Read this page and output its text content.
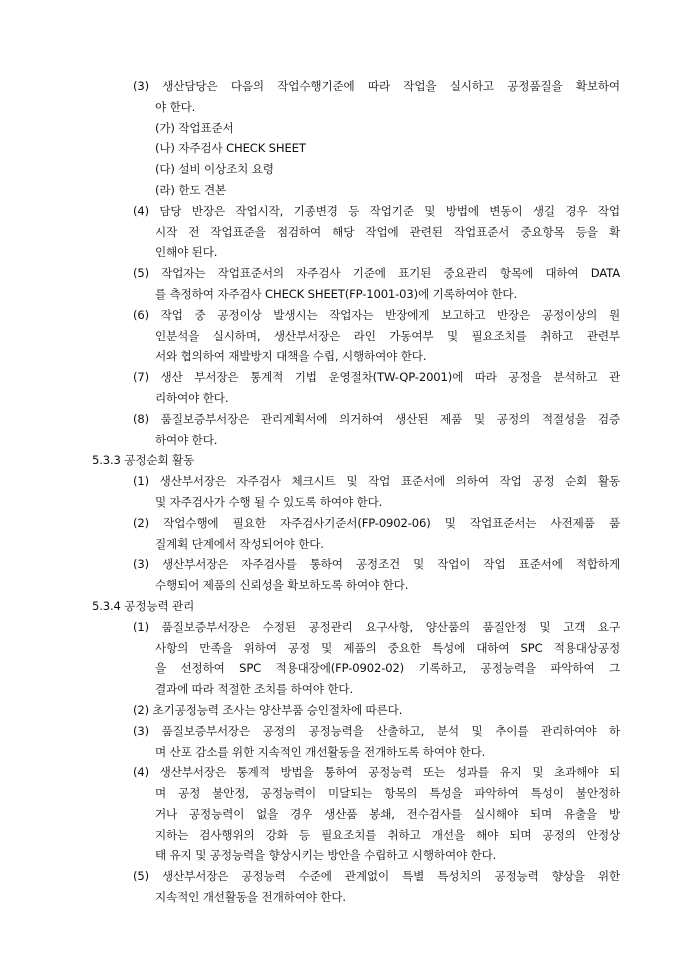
(3) 생산담당은 다음의 작업수행기준에 따라 작업을 실시하고 공정품질을 확보하여
야 한다.
(가) 작업표준서
(나) 자주검사 CHECK SHEET
(다) 설비 이상조치 요령
(라) 한도 견본
(4) 담당 반장은 작업시작, 기종변경 등 작업기준 및 방법에 변동이 생길 경우 작업
시작 전 작업표준을 점검하여 해당 작업에 관련된 작업표준서 중요항목 등을 확
인해야 된다.
(5) 작업자는 작업표준서의 자주검사 기준에 표기된 중요관리 항목에 대하여 DATA
를 측정하여 자주검사 CHECK SHEET(FP-1001-03)에 기록하여야 한다.
(6) 작업 중 공정이상 발생시는 작업자는 반장에게 보고하고 반장은 공정이상의 원
인분석을 실시하며, 생산부서장은 라인 가동여부 및 필요조치를 취하고 관련부
서와 협의하여 재발방지 대책을 수립, 시행하여야 한다.
(7) 생산 부서장은 통계적 기법 운영절차(TW-QP-2001)에 따라 공정을 분석하고 관
리하여야 한다.
(8) 품질보증부서장은 관리계획서에 의거하여 생산된 제품 및 공정의 적절성을 검증
하여야 한다.
5.3.3 공정순회 활동
(1) 생산부서장은 자주검사 체크시트 및 작업 표준서에 의하여 작업 공정 순회 활동
및 자주검사가 수행 될 수 있도록 하여야 한다.
(2) 작업수행에 필요한 자주검사기준서(FP-0902-06) 및 작업표준서는 사전제품 품
질계획 단계에서 작성되어야 한다.
(3) 생산부서장은 자주검사를 통하여 공정조건 및 작업이 작업 표준서에 적합하게
수행되어 제품의 신뢰성을 확보하도록 하여야 한다.
5.3.4 공정능력 관리
(1) 품질보증부서장은 수정된 공정관리 요구사항, 양산품의 품질안정 및 고객 요구
사항의 만족을 위하여 공정 및 제품의 중요한 특성에 대하여 SPC 적용대상공정
을 선정하여 SPC 적용대장에(FP-0902-02) 기록하고, 공정능력을 파악하여 그
결과에 따라 적절한 조치를 하여야 한다.
(2) 초기공정능력 조사는 양산부품 승인절차에 따른다.
(3) 품질보증부서장은 공정의 공정능력을 산출하고, 분석 및 추이를 관리하여야 하
며 산포 감소를 위한 지속적인 개선활동을 전개하도록 하여야 한다.
(4) 생산부서장은 통계적 방법을 통하여 공정능력 또는 성과를 유지 및 초과해야 되
며 공정 불안정, 공정능력이 미달되는 항목의 특성을 파악하여 특성이 불안정하
거나 공정능력이 없을 경우 생산품 봉쇄, 전수검사를 실시해야 되며 유출을 방
지하는 검사행위의 강화 등 필요조치를 취하고 개선을 해야 되며 공정의 안정상
태 유지 및 공정능력을 향상시키는 방안을 수립하고 시행하여야 한다.
(5) 생산부서장은 공정능력 수준에 관계없이 특별 특성치의 공정능력 향상을 위한
지속적인 개선활동을 전개하여야 한다.
